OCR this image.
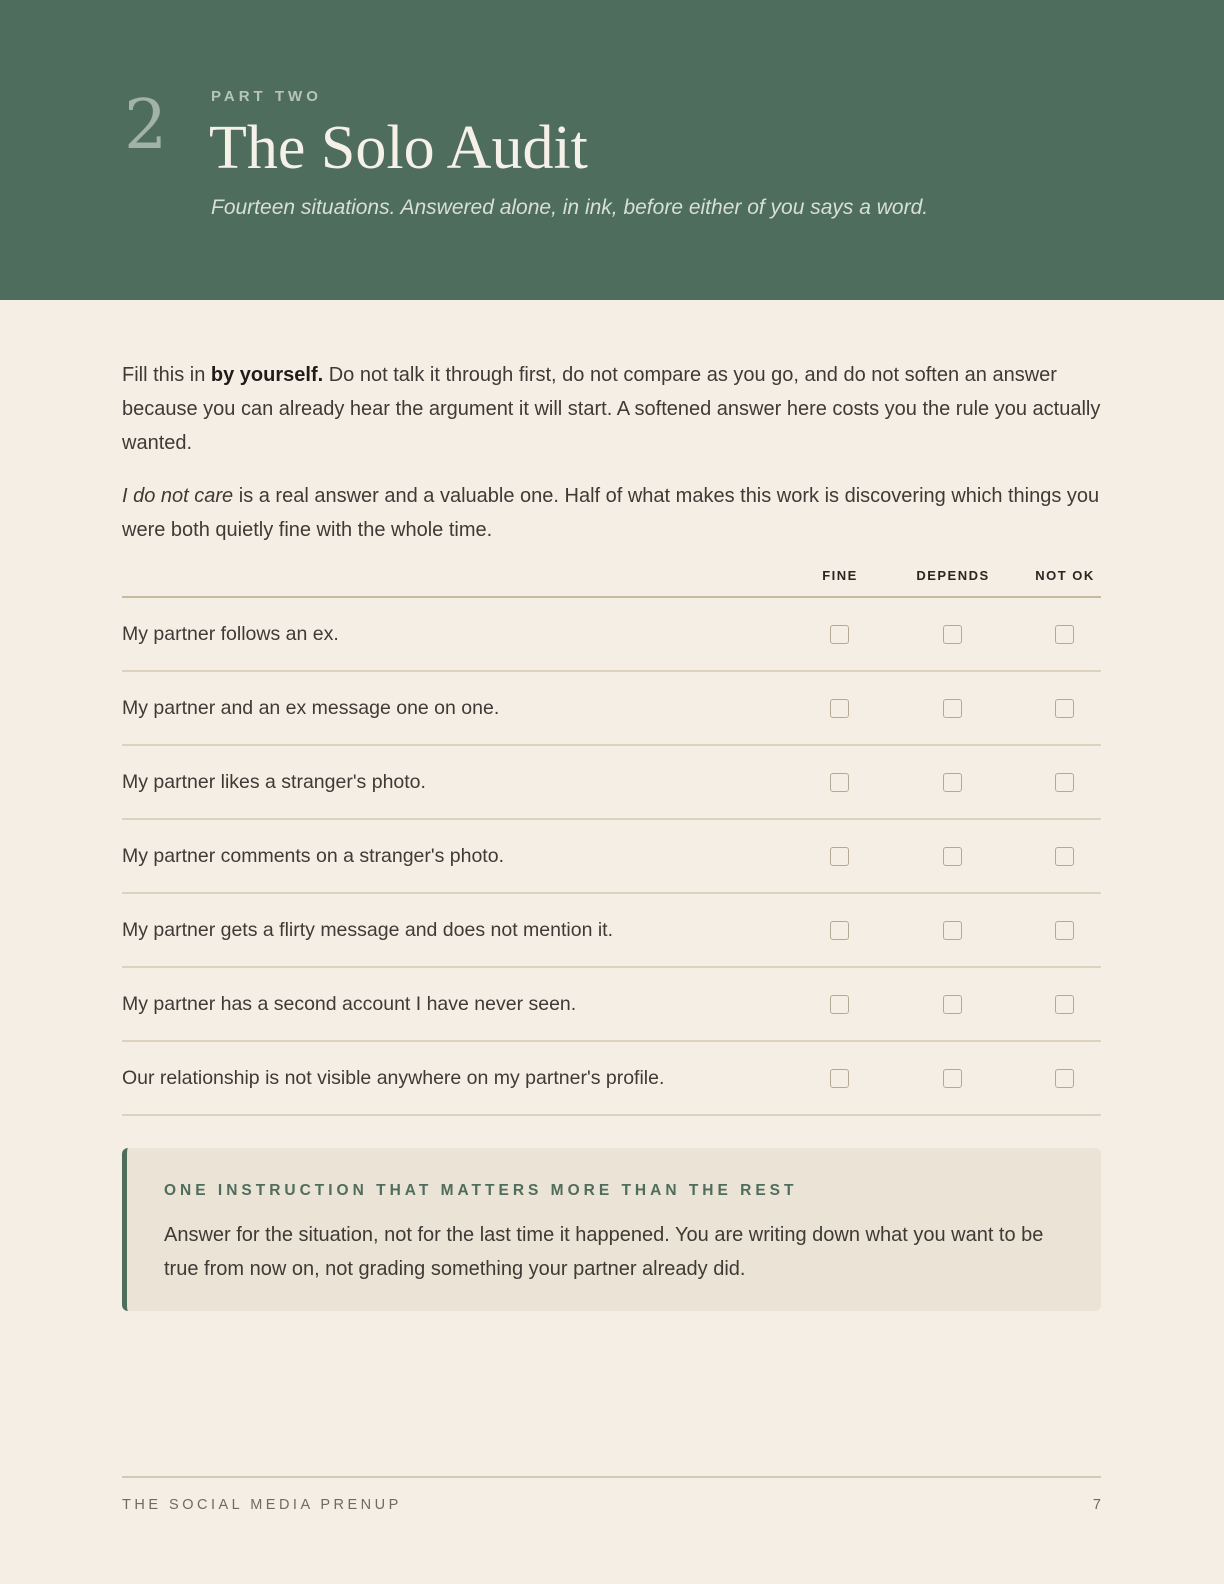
2	PART TWO
The Solo Audit
Fourteen situations. Answered alone, in ink, before either of you says a word.

Fill this in by yourself. Do not talk it through first, do not compare as you go, and do not soften an answer because you can already hear the argument it will start. A softened answer here costs you the rule you actually wanted.

I do not care is a real answer and a valuable one. Half of what makes this work is discovering which things you were both quietly fine with the whole time.

FINE	DEPENDS	NOT OK
My partner follows an ex.
My partner and an ex message one on one.
My partner likes a stranger's photo.
My partner comments on a stranger's photo.
My partner gets a flirty message and does not mention it.
My partner has a second account I have never seen.
Our relationship is not visible anywhere on my partner's profile.
ONE INSTRUCTION THAT MATTERS MORE THAN THE REST
Answer for the situation, not for the last time it happened. You are writing down what you want to be true from now on, not grading something your partner already did.
THE SOCIAL MEDIA PRENUP	7
